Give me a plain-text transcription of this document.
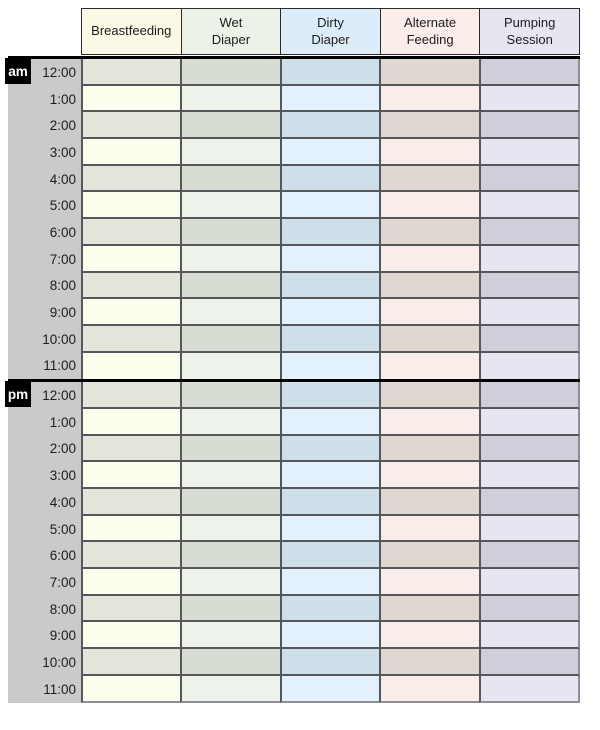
Breastfeeding
Wet
Diaper
Dirty
Diaper
Alternate
Feeding
Pumping
Session
am	12:00
1:00
2:00
3:00
4:00
5:00
6:00
7:00
8:00
9:00
10:00
11:00
pm	12:00
1:00
2:00
3:00
4:00
5:00
6:00
7:00
8:00
9:00
10:00
11:00
